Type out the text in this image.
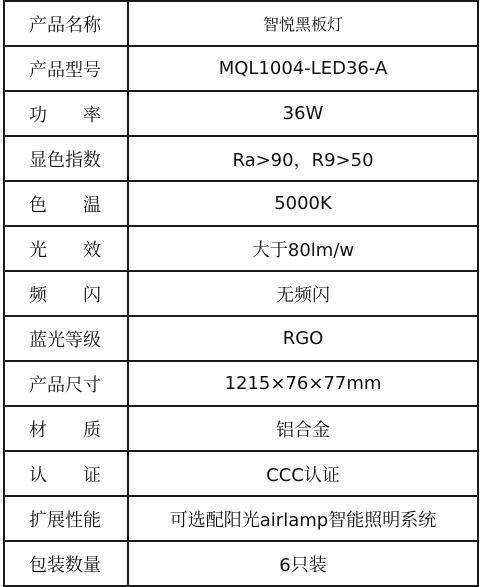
产品名称	智悦黑板灯
产品型号	MQL1004-LED36-A

功 率	36W
显色指数	Ra>90，R9>50

色 温	5000K

光 效	大于80lm/w

频 闪	无频闪
蓝光等级	RGO
产品尺寸	1215×76×77mm

材 质	铝合金

认 证	CCC认证
扩展性能	可选配阳光airlamp智能照明系统
包装数量	6只装
